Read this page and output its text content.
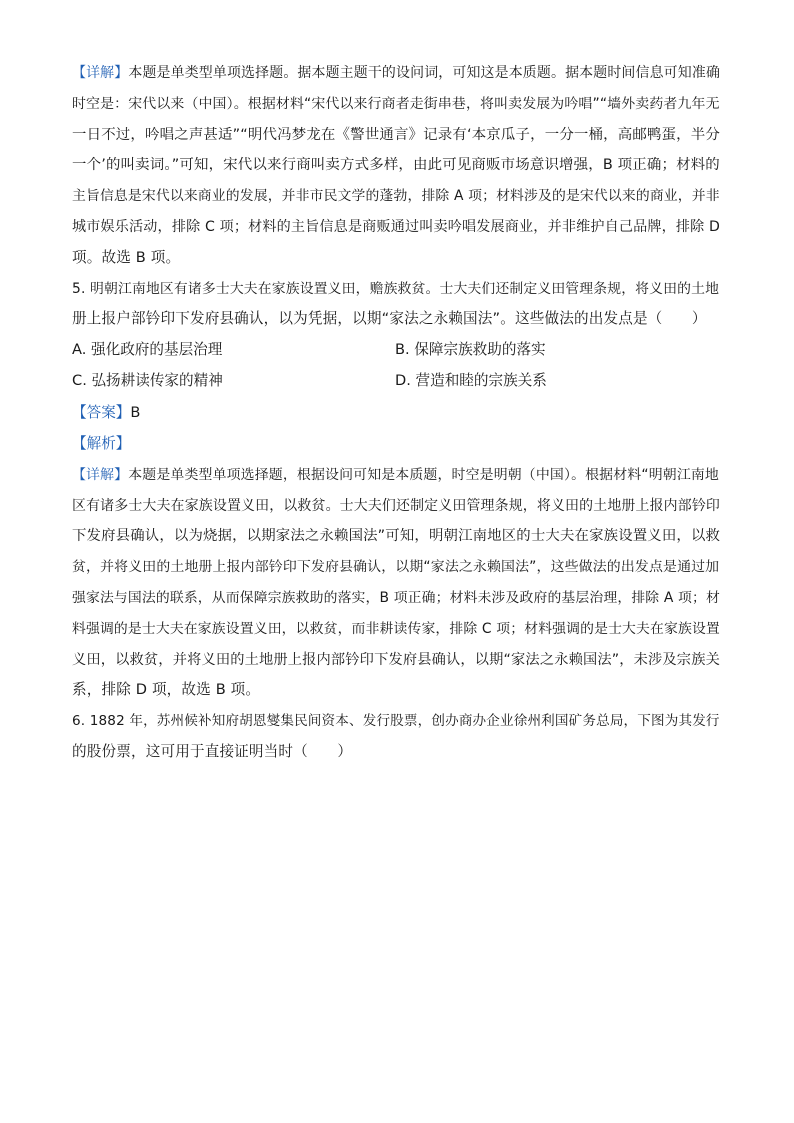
【详解】本题是单类型单项选择题。据本题主题干的设问词，可知这是本质题。据本题时间信息可知准确
时空是：宋代以来（中国）。根据材料“宋代以来行商者走街串巷，将叫卖发展为吟唱”“墙外卖药者九年无
一日不过，吟唱之声甚适”“明代冯梦龙在《警世通言》记录有‘本京瓜子，一分一桶，高邮鸭蛋，半分
一个’的叫卖词。”可知，宋代以来行商叫卖方式多样，由此可见商贩市场意识增强，B 项正确；材料的
主旨信息是宋代以来商业的发展，并非市民文学的蓬勃，排除 A 项；材料涉及的是宋代以来的商业，并非
城市娱乐活动，排除 C 项；材料的主旨信息是商贩通过叫卖吟唱发展商业，并非维护自己品牌，排除 D
项。故选 B 项。
5. 明朝江南地区有诸多士大夫在家族设置义田，赡族救贫。士大夫们还制定义田管理条规，将义田的土地
册上报户部钤印下发府县确认，以为凭据，以期“家法之永赖国法”。这些做法的出发点是（　　）
A. 强化政府的基层治理	B. 保障宗族救助的落实
C. 弘扬耕读传家的精神	D. 营造和睦的宗族关系
【答案】B
【解析】
【详解】本题是单类型单项选择题，根据设问可知是本质题，时空是明朝（中国）。根据材料“明朝江南地
区有诸多士大夫在家族设置义田，以救贫。士大夫们还制定义田管理条规，将义田的土地册上报内部钤印
下发府县确认，以为烧据，以期家法之永赖国法”可知，明朝江南地区的士大夫在家族设置义田，以救
贫，并将义田的土地册上报内部钤印下发府县确认，以期“家法之永赖国法”，这些做法的出发点是通过加
强家法与国法的联系，从而保障宗族救助的落实，B 项正确；材料未涉及政府的基层治理，排除 A 项；材
料强调的是士大夫在家族设置义田，以救贫，而非耕读传家，排除 C 项；材料强调的是士大夫在家族设置
义田，以救贫，并将义田的土地册上报内部钤印下发府县确认，以期“家法之永赖国法”，未涉及宗族关
系，排除 D 项，故选 B 项。
6. 1882 年，苏州候补知府胡恩燮集民间资本、发行股票，创办商办企业徐州利国矿务总局，下图为其发行
的股份票，这可用于直接证明当时（　　）
